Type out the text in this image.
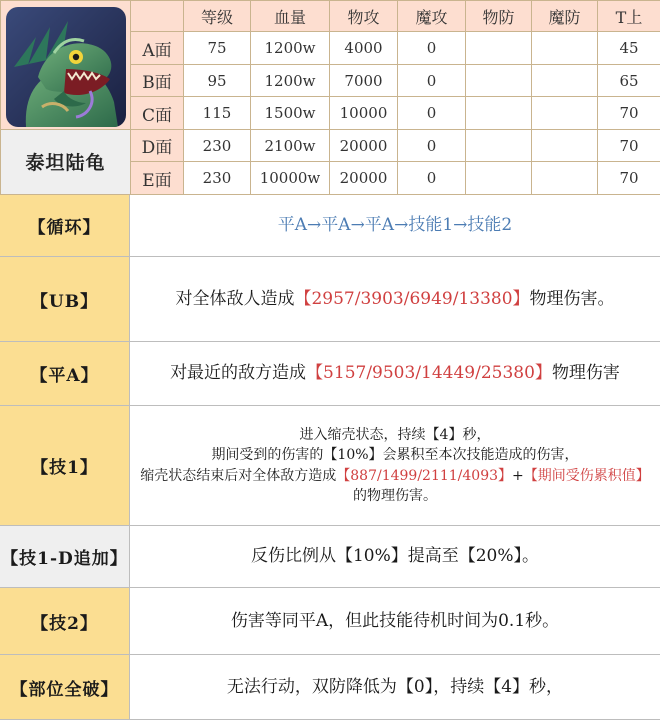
		等级	血量	物攻	魔攻	物防	魔防	T上
	A面	75	1200w	4000	0			45
	B面	95	1200w	7000	0			65
	C面	115	1500w	10000	0			70
泰坦陆龟	D面	230	2100w	20000	0			70
	E面	230	10000w	20000	0			70
【循环】	平A→平A→平A→技能1→技能2
【UB】	对全体敌人造成 【2957/3903/6949/13380】 物理伤害。
【平A】	对最近的敌方造成 【5157/9503/14449/25380】 物理伤害
【技1】
进入缩壳状态，持续【4】秒，
期间受到的伤害的【10%】会累积至本次技能造成的伤害，
缩壳状态结束后对全体敌方造成【887/1499/2111/4093】+【期间受伤累积值】的物理伤害。
【技1-D追加】	反伤比例从【10%】提高至【20%】。
【技2】	伤害等同平A，但此技能待机时间为0.1秒。
【部位全破】	无法行动，双防降低为【0】，持续【4】秒，
